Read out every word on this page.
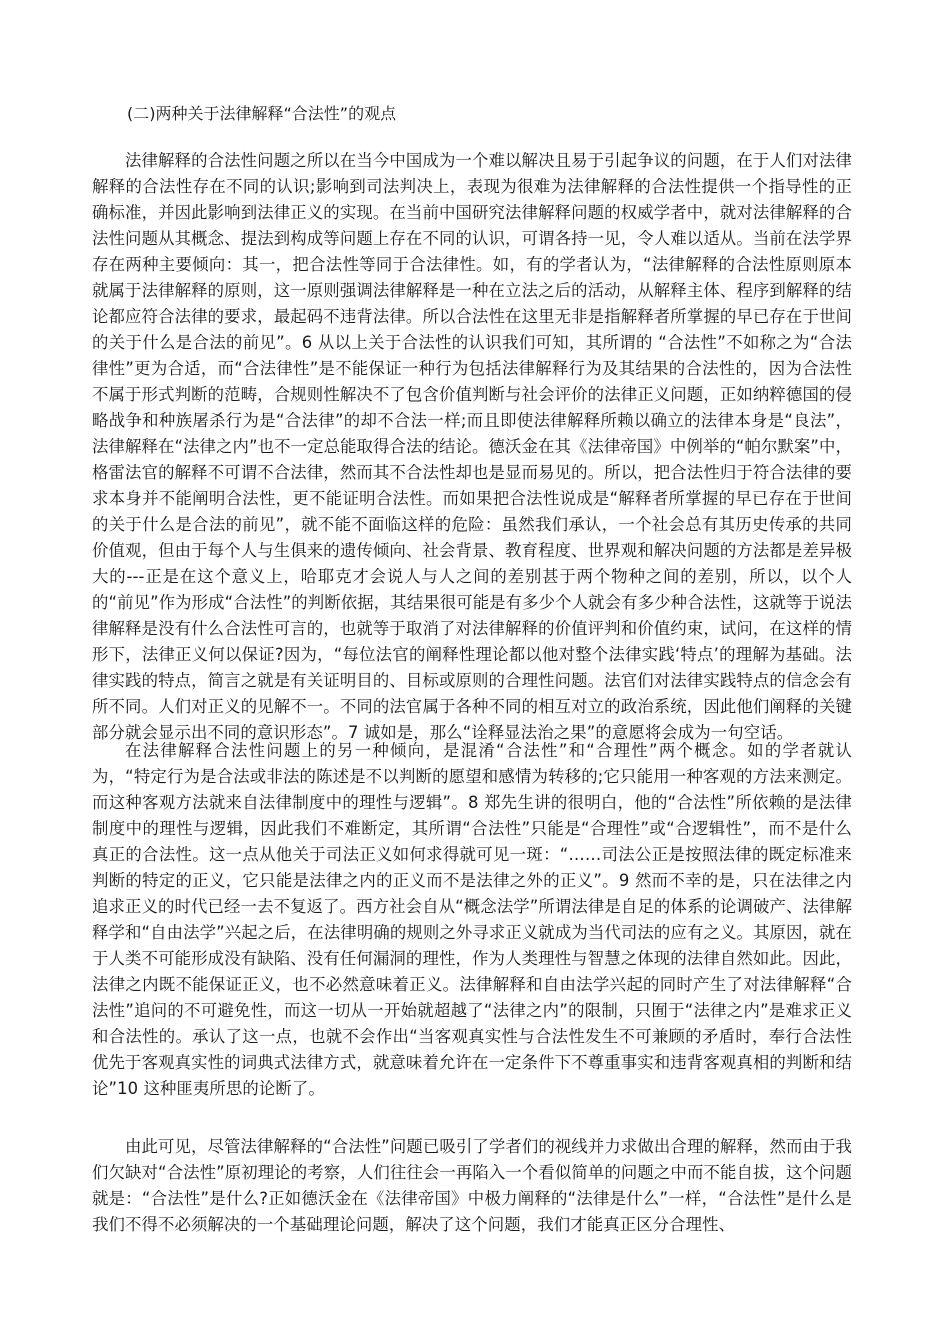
(二)两种关于法律解释“合法性”的观点

法律解释的合法性问题之所以在当今中国成为一个难以解决且易于引起争议的问题，在于人们对法律解释的合法性存在不同的认识;影响到司法判决上，表现为很难为法律解释的合法性提供一个指导性的正确标准，并因此影响到法律正义的实现。在当前中国研究法律解释问题的权威学者中，就对法律解释的合法性问题从其概念、提法到构成等问题上存在不同的认识，可谓各持一见，令人难以适从。当前在法学界存在两种主要倾向：其一，把合法性等同于合法律性。如，有的学者认为，“法律解释的合法性原则原本就属于法律解释的原则，这一原则强调法律解释是一种在立法之后的活动，从解释主体、程序到解释的结论都应符合法律的要求，最起码不违背法律。所以合法性在这里无非是指解释者所掌握的早已存在于世间的关于什么是合法的前见”。6 从以上关于合法性的认识我们可知，其所谓的 “合法性”不如称之为“合法律性”更为合适，而“合法律性”是不能保证一种行为包括法律解释行为及其结果的合法性的，因为合法性不属于形式判断的范畴，合规则性解决不了包含价值判断与社会评价的法律正义问题，正如纳粹德国的侵略战争和种族屠杀行为是“合法律”的却不合法一样;而且即使法律解释所赖以确立的法律本身是“良法”，法律解释在“法律之内”也不一定总能取得合法的结论。德沃金在其《法律帝国》中例举的“帕尔默案”中，格雷法官的解释不可谓不合法律，然而其不合法性却也是显而易见的。所以，把合法性归于符合法律的要求本身并不能阐明合法性，更不能证明合法性。而如果把合法性说成是“解释者所掌握的早已存在于世间的关于什么是合法的前见”，就不能不面临这样的危险：虽然我们承认，一个社会总有其历史传承的共同价值观，但由于每个人与生俱来的遗传倾向、社会背景、教育程度、世界观和解决问题的方法都是差异极大的---正是在这个意义上，哈耶克才会说人与人之间的差别甚于两个物种之间的差别，所以，以个人的“前见”作为形成“合法性”的判断依据，其结果很可能是有多少个人就会有多少种合法性，这就等于说法律解释是没有什么合法性可言的，也就等于取消了对法律解释的价值评判和价值约束，试问，在这样的情形下，法律正义何以保证?因为，“每位法官的阐释性理论都以他对整个法律实践‘特点’的理解为基础。法律实践的特点，简言之就是有关证明目的、目标或原则的合理性问题。法官们对法律实践特点的信念会有所不同。人们对正义的见解不一。不同的法官属于各种不同的相互对立的政治系统，因此他们阐释的关键部分就会显示出不同的意识形态”。7 诚如是，那么“诠释显法治之果”的意愿将会成为一句空话。

在法律解释合法性问题上的另一种倾向，是混淆“合法性”和“合理性”两个概念。如的学者就认为，“特定行为是合法或非法的陈述是不以判断的愿望和感情为转移的;它只能用一种客观的方法来测定。而这种客观方法就来自法律制度中的理性与逻辑”。8 郑先生讲的很明白，他的“合法性”所依赖的是法律制度中的理性与逻辑，因此我们不难断定，其所谓“合法性”只能是“合理性”或“合逻辑性”，而不是什么真正的合法性。这一点从他关于司法正义如何求得就可见一斑：“……司法公正是按照法律的既定标准来判断的特定的正义，它只能是法律之内的正义而不是法律之外的正义”。9 然而不幸的是，只在法律之内追求正义的时代已经一去不复返了。西方社会自从“概念法学”所谓法律是自足的体系的论调破产、法律解释学和“自由法学”兴起之后，在法律明确的规则之外寻求正义就成为当代司法的应有之义。其原因，就在于人类不可能形成没有缺陷、没有任何漏洞的理性，作为人类理性与智慧之体现的法律自然如此。因此，法律之内既不能保证正义，也不必然意味着正义。法律解释和自由法学兴起的同时产生了对法律解释“合法性”追问的不可避免性，而这一切从一开始就超越了“法律之内”的限制，只囿于“法律之内”是难求正义和合法性的。承认了这一点，也就不会作出“当客观真实性与合法性发生不可兼顾的矛盾时，奉行合法性优先于客观真实性的词典式法律方式，就意味着允许在一定条件下不尊重事实和违背客观真相的判断和结论”10 这种匪夷所思的论断了。

由此可见，尽管法律解释的“合法性”问题已吸引了学者们的视线并力求做出合理的解释，然而由于我们欠缺对“合法性”原初理论的考察，人们往往会一再陷入一个看似简单的问题之中而不能自拔，这个问题就是：“合法性”是什么?正如德沃金在《法律帝国》中极力阐释的“法律是什么”一样，“合法性”是什么是我们不得不必须解决的一个基础理论问题，解决了这个问题，我们才能真正区分合理性、
